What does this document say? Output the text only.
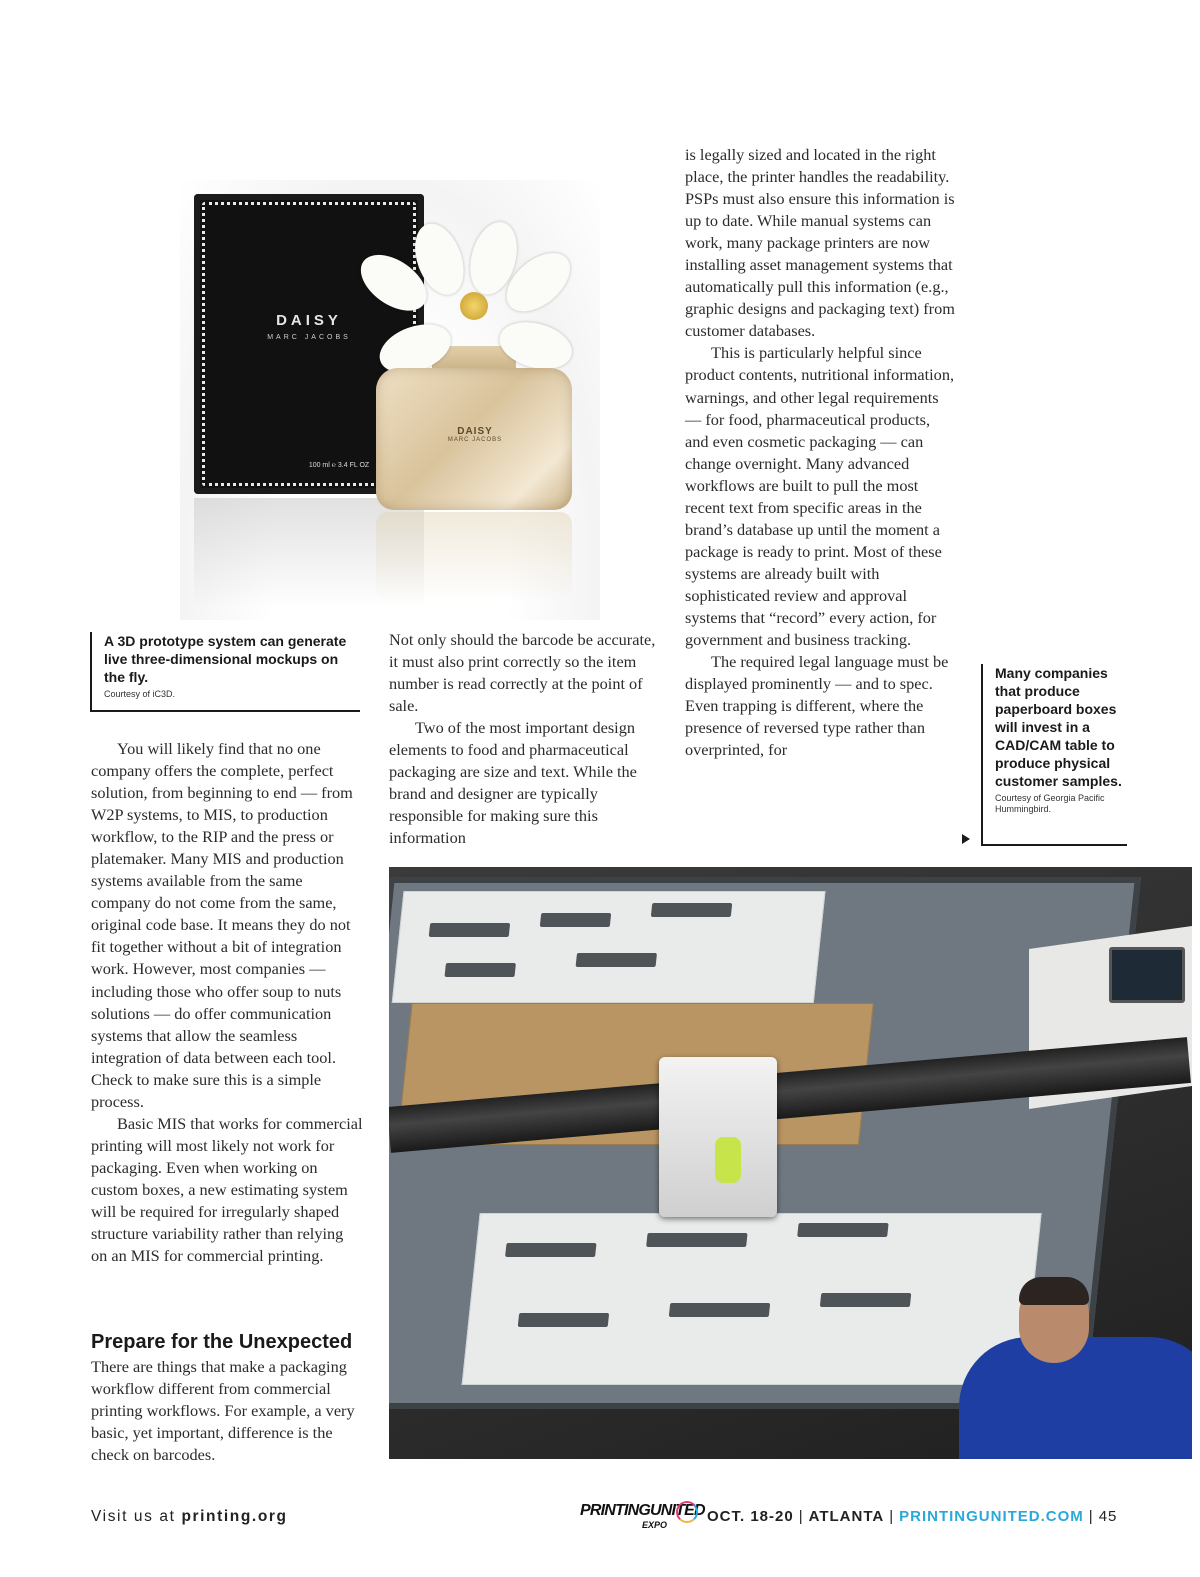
DAISY
MARC JACOBS
100 ml ℮ 3.4 FL OZ
DAISY
MARC JACOBS
A 3D prototype system can generate live three-dimensional mockups on the fly.
Courtesy of iC3D.

You will likely find that no one company offers the complete, perfect solution, from beginning to end — from W2P systems, to MIS, to production workflow, to the RIP and the press or platemaker. Many MIS and production systems available from the same company do not come from the same, original code base. It means they do not fit together without a bit of integration work. However, most companies — including those who offer soup to nuts solutions — do offer communication systems that allow the seamless integration of data between each tool. Check to make sure this is a simple process.

Basic MIS that works for commercial printing will most likely not work for packaging. Even when working on custom boxes, a new estimating system will be required for irregularly shaped structure variability rather than relying on an MIS for commercial printing.

Prepare for the Unexpected

There are things that make a packaging workflow different from commercial printing workflows. For example, a very basic, yet important, difference is the check on barcodes.

Not only should the barcode be accurate, it must also print correctly so the item number is read correctly at the point of sale.

Two of the most important design elements to food and pharmaceutical packaging are size and text. While the brand and designer are typically responsible for making sure this information

is legally sized and located in the right place, the printer handles the readability. PSPs must also ensure this information is up to date. While manual systems can work, many package printers are now installing asset management systems that automatically pull this information (e.g., graphic designs and packaging text) from customer databases.

This is particularly helpful since product contents, nutritional information, warnings, and other legal requirements — for food, pharmaceutical products, and even cosmetic packaging — can change overnight. Many advanced workflows are built to pull the most recent text from specific areas in the brand’s database up until the moment a package is ready to print. Most of these systems are already built with sophisticated review and approval systems that “record” every action, for government and business tracking.

The required legal language must be displayed prominently — and to spec. Even trapping is different, where the presence of reversed type rather than overprinted, for

Many companies that produce paperboard boxes will invest in a CAD/CAM table to produce physical customer samples.
Courtesy of Georgia Pacific Hummingbird.
Visit us at printing.org	PRINTINGUNITED
EXPO	OCT. 18-20 | ATLANTA | PRINTINGUNITED.COM | 45
